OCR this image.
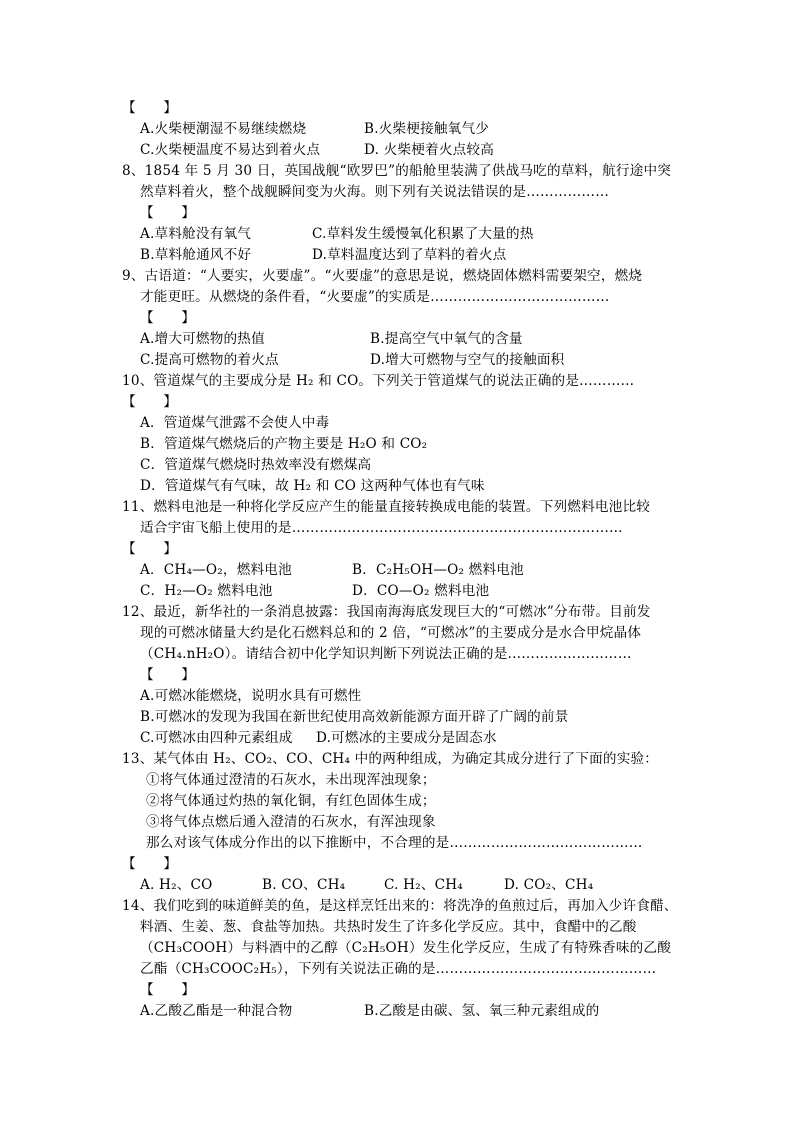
【　　】
A.火柴梗潮湿不易继续燃烧	B.火柴梗接触氧气少
C.火柴梗温度不易达到着火点	D. 火柴梗着火点较高
8、1854 年 5 月 30 日，英国战舰“欧罗巴”的船舱里装满了供战马吃的草料，航行途中突
然草料着火，整个战舰瞬间变为火海。则下列有关说法错误的是………………
【　　】
A.草料舱没有氧气	C.草料发生缓慢氧化积累了大量的热
B.草料舱通风不好	D.草料温度达到了草料的着火点
9、古语道：“人要实，火要虚”。“火要虚”的意思是说，燃烧固体燃料需要架空，燃烧
才能更旺。从燃烧的条件看，“火要虚”的实质是…………………………………
【　　】
A.增大可燃物的热值	B.提高空气中氧气的含量
C.提高可燃物的着火点	D.增大可燃物与空气的接触面积
10、管道煤气的主要成分是 H₂ 和 CO。下列关于管道煤气的说法正确的是…………
【　　】
A．管道煤气泄露不会使人中毒
B．管道煤气燃烧后的产物主要是 H₂O 和 CO₂
C．管道煤气燃烧时热效率没有燃煤高
D．管道煤气有气味，故 H₂ 和 CO 这两种气体也有气味
11、燃料电池是一种将化学反应产生的能量直接转换成电能的装置。下列燃料电池比较
适合宇宙飞船上使用的是………………………………………………………………
【　　】
A．CH₄—O₂，燃料电池	B．C₂H₅OH—O₂ 燃料电池
C．H₂—O₂ 燃料电池	D．CO—O₂ 燃料电池
12、最近，新华社的一条消息披露：我国南海海底发现巨大的“可燃冰”分布带。目前发
现的可燃冰储量大约是化石燃料总和的 2 倍，“可燃冰”的主要成分是水合甲烷晶体
（CH₄.nH₂O）。请结合初中化学知识判断下列说法正确的是………………………
【　　】
A.可燃冰能燃烧，说明水具有可燃性
B.可燃冰的发现为我国在新世纪使用高效新能源方面开辟了广阔的前景
C.可燃冰由四种元素组成 D.可燃冰的主要成分是固态水
13、某气体由 H₂、CO₂、CO、CH₄ 中的两种组成，为确定其成分进行了下面的实验：
①将气体通过澄清的石灰水，未出现浑浊现象；
②将气体通过灼热的氧化铜，有红色固体生成；
③将气体点燃后通入澄清的石灰水，有浑浊现象
那么对该气体成分作出的以下推断中，不合理的是……………………………………
【　　】
A. H₂、CO	B. CO、CH₄	C. H₂、CH₄	D. CO₂、CH₄
14、我们吃到的味道鲜美的鱼，是这样烹饪出来的：将洗净的鱼煎过后，再加入少许食醋、
料酒、生姜、葱、食盐等加热。共热时发生了许多化学反应。其中，食醋中的乙酸
（CH₃COOH）与料酒中的乙醇（C₂H₅OH）发生化学反应，生成了有特殊香味的乙酸
乙酯（CH₃COOC₂H₅），下列有关说法正确的是…………………………………………
【　　】
A.乙酸乙酯是一种混合物	B.乙酸是由碳、氢、氧三种元素组成的
